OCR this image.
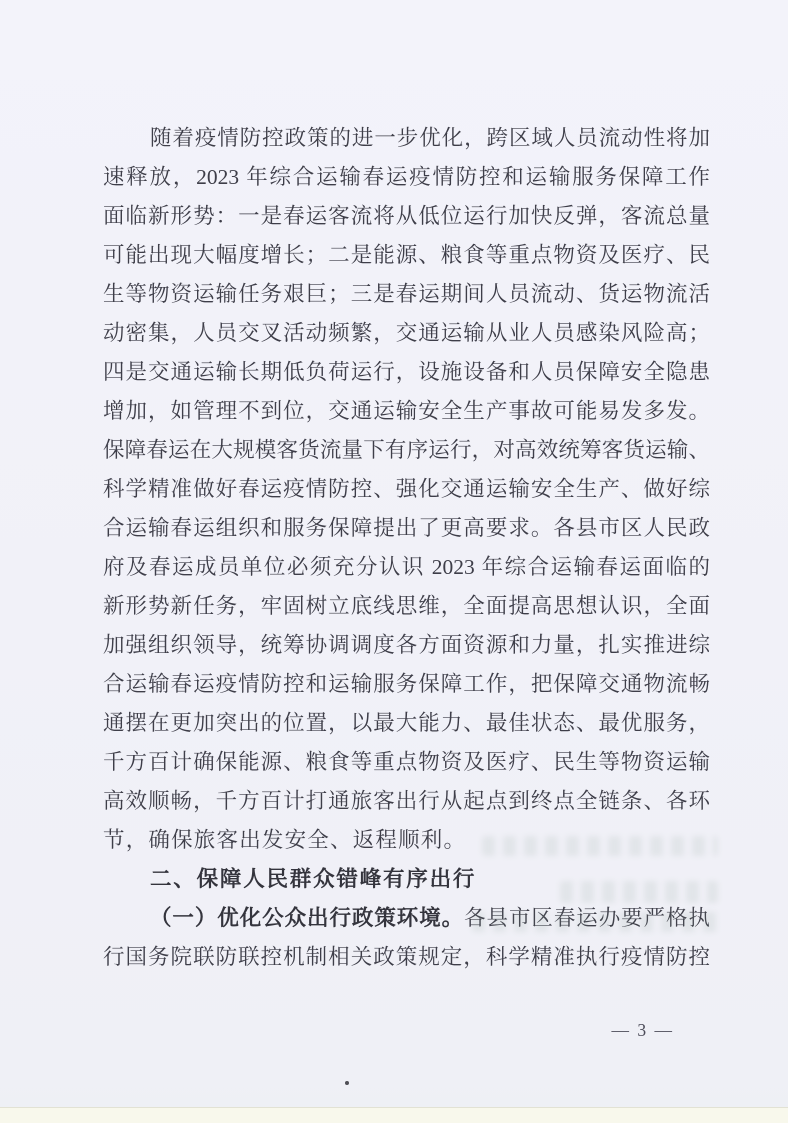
随着疫情防控政策的进一步优化，跨区域人员流动性将加
速释放，2023 年综合运输春运疫情防控和运输服务保障工作
面临新形势：一是春运客流将从低位运行加快反弹，客流总量
可能出现大幅度增长；二是能源、粮食等重点物资及医疗、民
生等物资运输任务艰巨；三是春运期间人员流动、货运物流活
动密集，人员交叉活动频繁，交通运输从业人员感染风险高；
四是交通运输长期低负荷运行，设施设备和人员保障安全隐患
增加，如管理不到位，交通运输安全生产事故可能易发多发。
保障春运在大规模客货流量下有序运行，对高效统筹客货运输、
科学精准做好春运疫情防控、强化交通运输安全生产、做好综
合运输春运组织和服务保障提出了更高要求。各县市区人民政
府及春运成员单位必须充分认识 2023 年综合运输春运面临的
新形势新任务，牢固树立底线思维，全面提高思想认识，全面
加强组织领导，统筹协调调度各方面资源和力量，扎实推进综
合运输春运疫情防控和运输服务保障工作，把保障交通物流畅
通摆在更加突出的位置，以最大能力、最佳状态、最优服务，
千方百计确保能源、粮食等重点物资及医疗、民生等物资运输
高效顺畅，千方百计打通旅客出行从起点到终点全链条、各环
节，确保旅客出发安全、返程顺利。
二、保障人民群众错峰有序出行
（一）优化公众出行政策环境。各县市区春运办要严格执
行国务院联防联控机制相关政策规定，科学精准执行疫情防控
— 3 —
